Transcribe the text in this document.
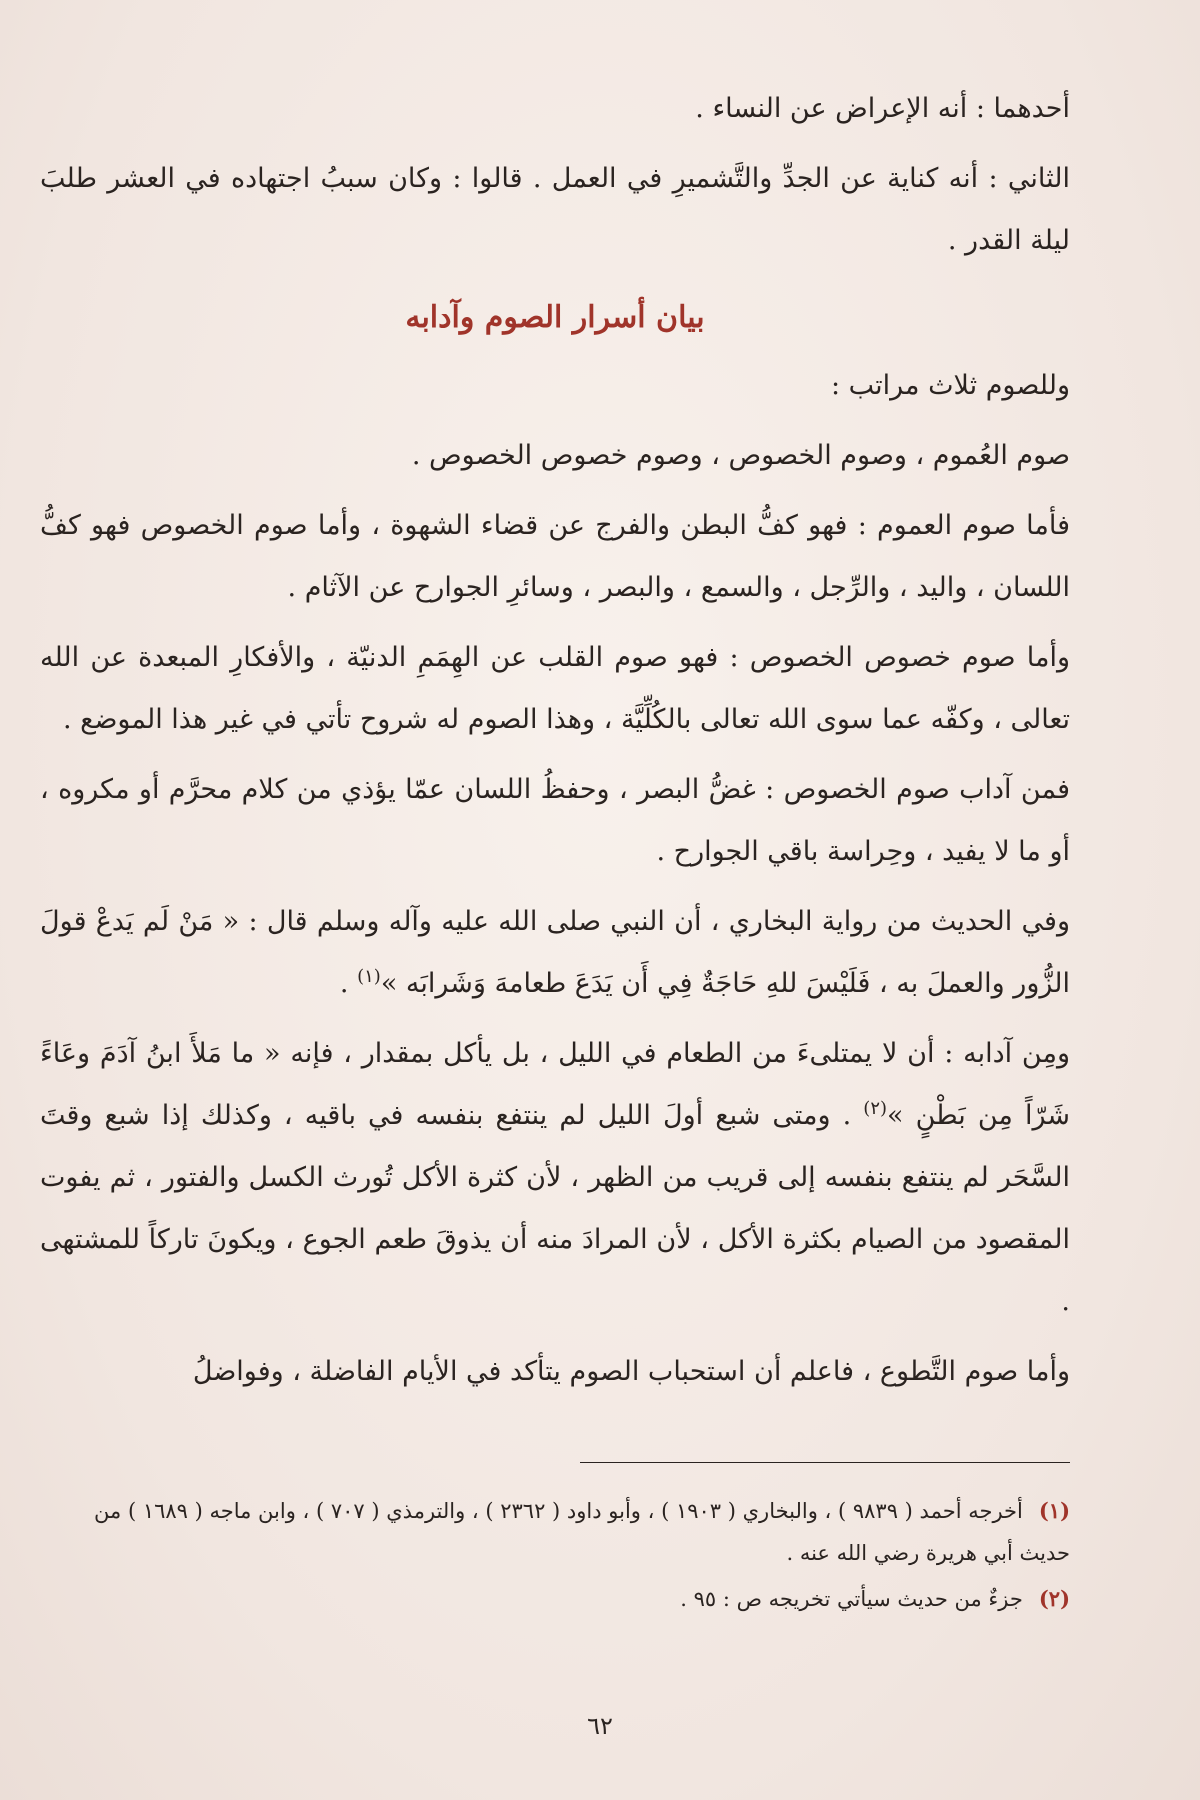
أحدهما : أنه الإعراض عن النساء .

الثاني : أنه كناية عن الجدِّ والتَّشميرِ في العمل . قالوا : وكان سببُ اجتهاده في العشر طلبَ ليلة القدر .

بيان أسرار الصوم وآدابه

وللصوم ثلاث مراتب :

صوم العُموم ، وصوم الخصوص ، وصوم خصوص الخصوص .

فأما صوم العموم : فهو كفُّ البطن والفرج عن قضاء الشهوة ، وأما صوم الخصوص فهو كفُّ اللسان ، واليد ، والرِّجل ، والسمع ، والبصر ، وسائرِ الجوارح عن الآثام .

وأما صوم خصوص الخصوص : فهو صوم القلب عن الهِمَمِ الدنيّة ، والأفكارِ المبعدة عن الله تعالى ، وكفّه عما سوى الله تعالى بالكُلِّيَّة ، وهذا الصوم له شروح تأتي في غير هذا الموضع .

فمن آداب صوم الخصوص : غضُّ البصر ، وحفظُ اللسان عمّا يؤذي من كلام محرَّم أو مكروه ، أو ما لا يفيد ، وحِراسة باقي الجوارح .

وفي الحديث من رواية البخاري ، أن النبي صلى الله عليه وآله وسلم قال : « مَنْ لَم يَدعْ قولَ الزُّور والعملَ به ، فَلَيْسَ للهِ حَاجَةٌ فِي أَن يَدَعَ طعامهَ وَشَرابَه »$^{(١)}$ .

ومِن آدابه : أن لا يمتلىءَ من الطعام في الليل ، بل يأكل بمقدار ، فإنه « ما مَلأَ ابنُ آدَمَ وعَاءً شَرّاً مِن بَطْنٍ »$^{(٢)}$ . ومتى شبع أولَ الليل لم ينتفع بنفسه في باقيه ، وكذلك إذا شبع وقتَ السَّحَر لم ينتفع بنفسه إلى قريب من الظهر ، لأن كثرة الأكل تُورث الكسل والفتور ، ثم يفوت المقصود من الصيام بكثرة الأكل ، لأن المرادَ منه أن يذوقَ طعم الجوع ، ويكونَ تاركاً للمشتهى .

وأما صوم التَّطوع ، فاعلم أن استحباب الصوم يتأكد في الأيام الفاضلة ، وفواضلُ

(١)أخرجه أحمد ( ٩٨٣٩ ) ، والبخاري ( ١٩٠٣ ) ، وأبو داود ( ٢٣٦٢ ) ، والترمذي ( ٧٠٧ ) ، وابن ماجه ( ١٦٨٩ ) من حديث أبي هريرة رضي الله عنه .
(٢)جزءٌ من حديث سيأتي تخريجه ص : ٩٥ .
٦٢
